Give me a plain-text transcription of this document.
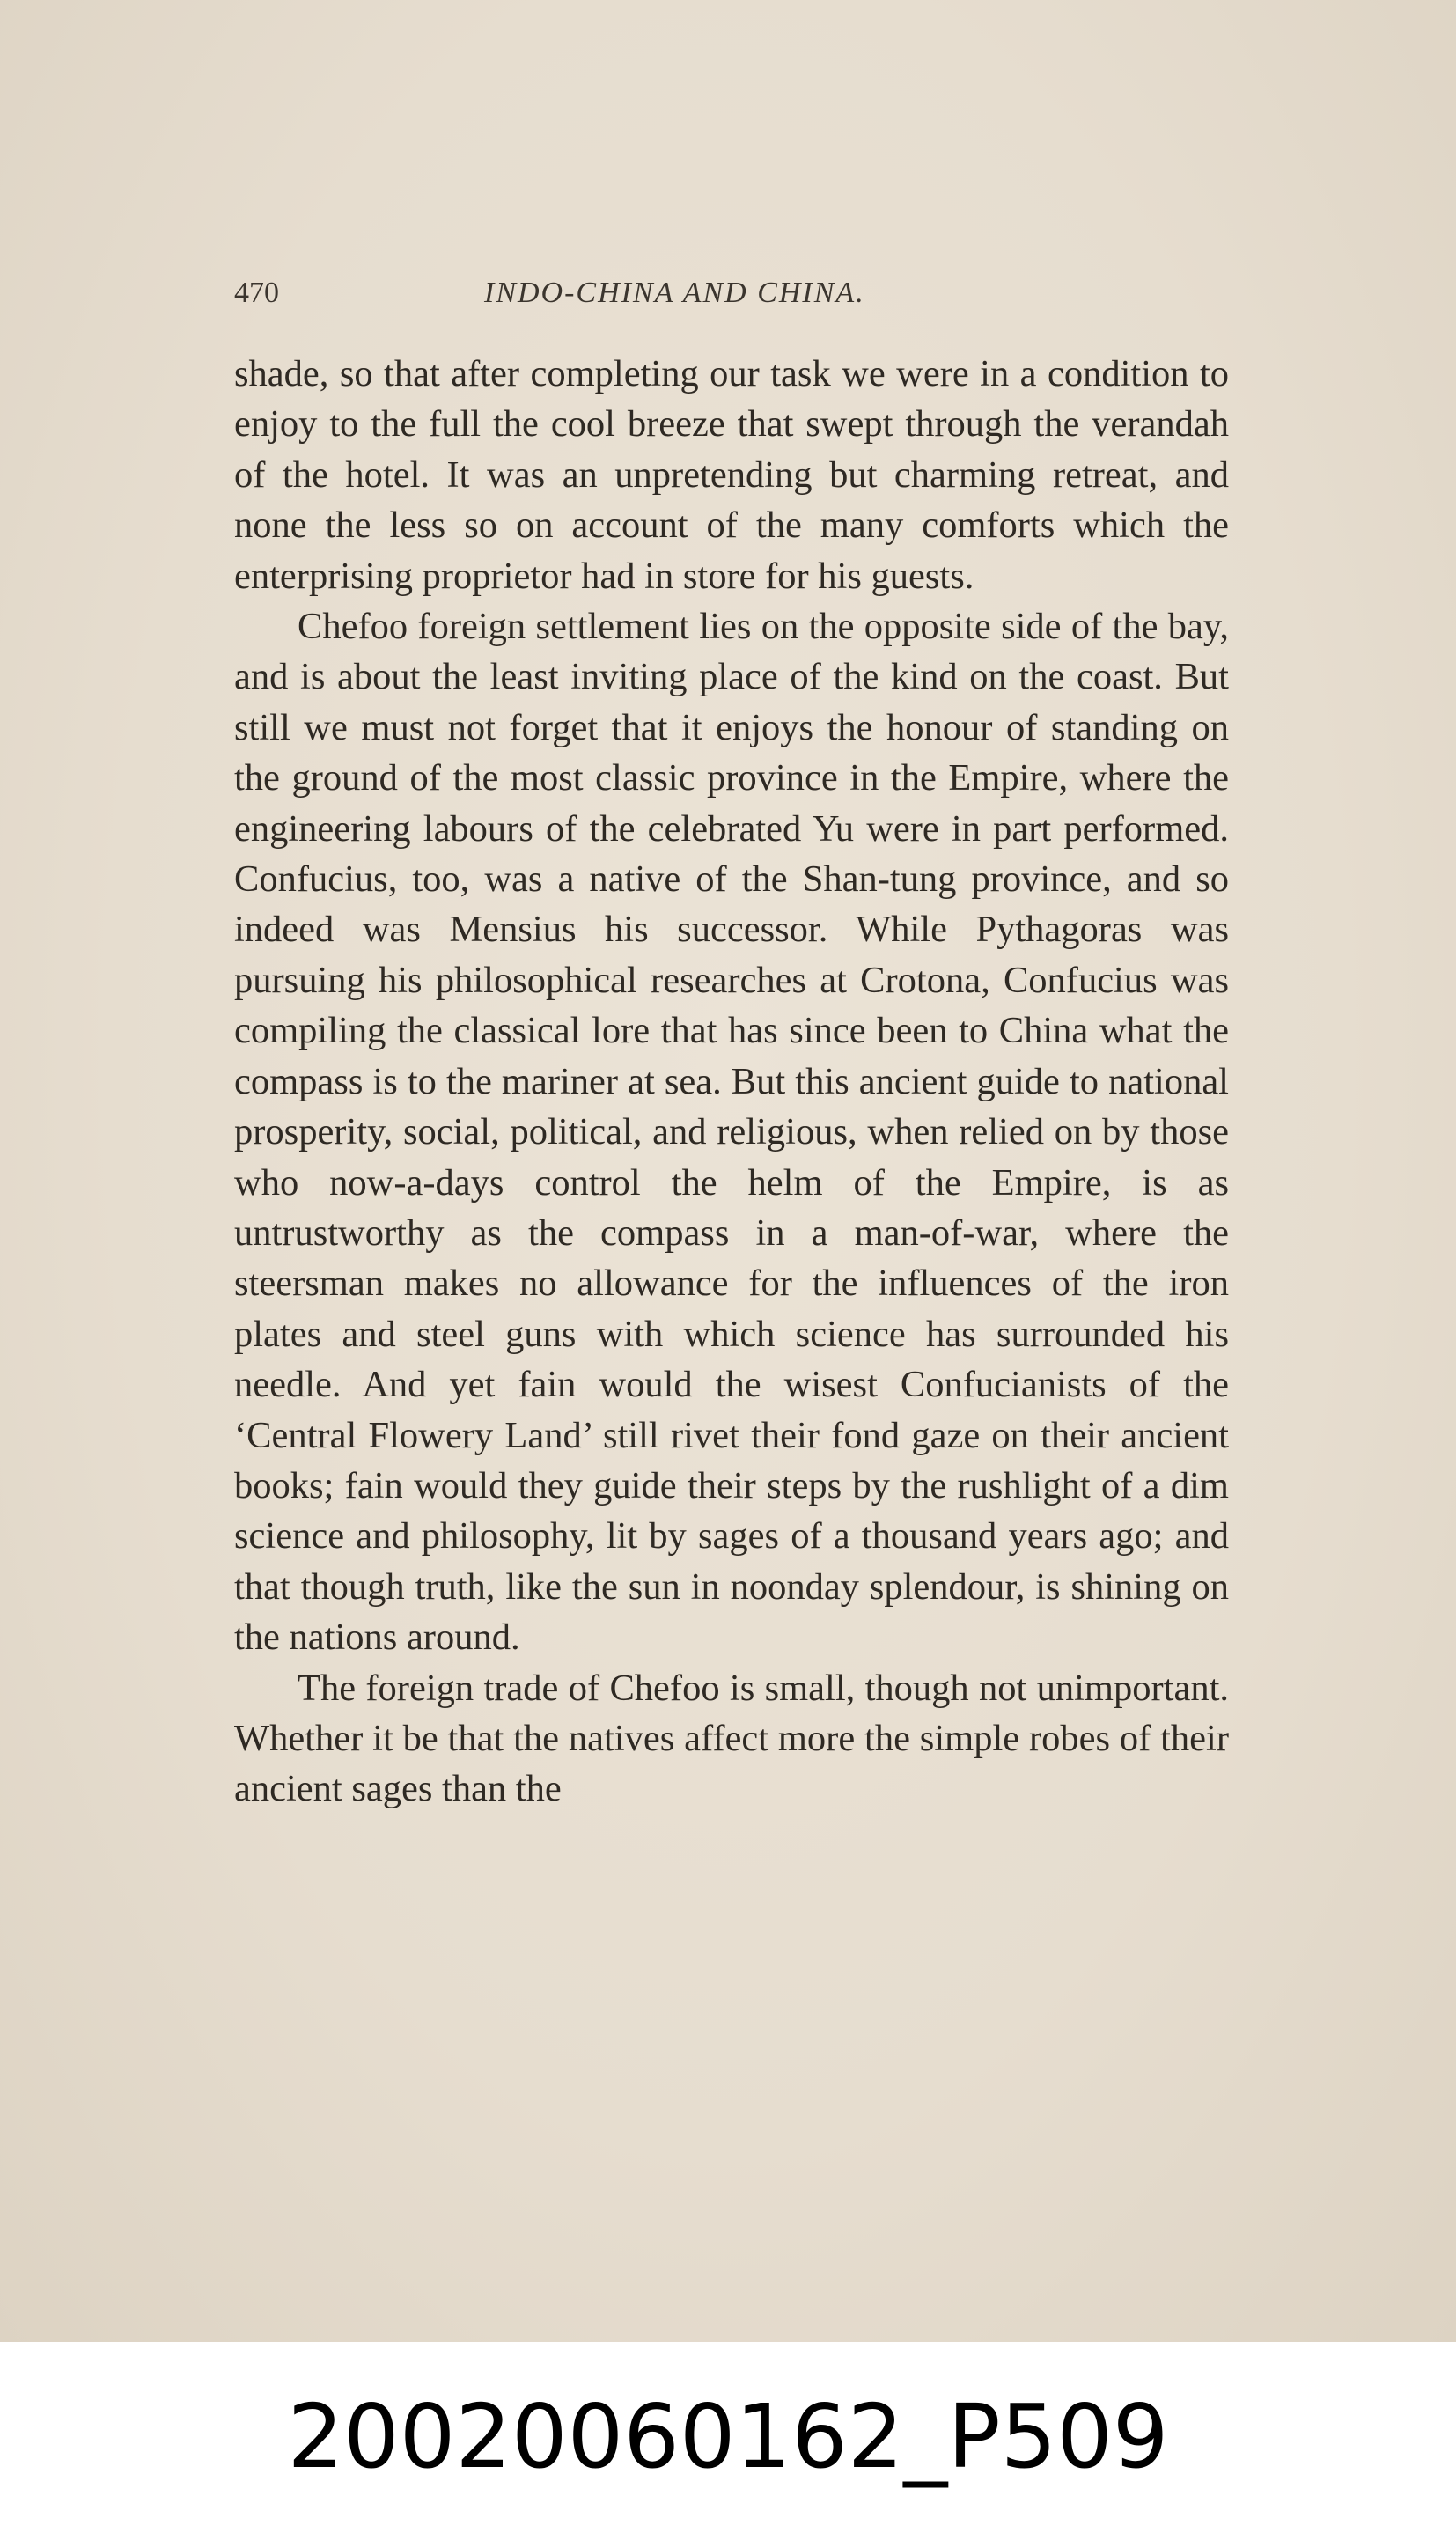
470	INDO-CHINA AND CHINA.

shade, so that after completing our task we were in a condition to enjoy to the full the cool breeze that swept through the verandah of the hotel. It was an unpretending but charming retreat, and none the less so on account of the many comforts which the enterprising proprietor had in store for his guests.

Chefoo foreign settlement lies on the opposite side of the bay, and is about the least inviting place of the kind on the coast. But still we must not forget that it enjoys the honour of standing on the ground of the most classic province in the Empire, where the engineering labours of the celebrated Yu were in part performed. Confucius, too, was a native of the Shan-tung province, and so indeed was Mensius his successor. While Pythagoras was pursuing his philosophical researches at Crotona, Confucius was compiling the classical lore that has since been to China what the compass is to the mariner at sea. But this ancient guide to national prosperity, social, political, and religious, when relied on by those who now-a-days control the helm of the Empire, is as untrustworthy as the compass in a man-of-war, where the steersman makes no allowance for the influences of the iron plates and steel guns with which science has surrounded his needle. And yet fain would the wisest Confucianists of the ‘Central Flowery Land’ still rivet their fond gaze on their ancient books; fain would they guide their steps by the rushlight of a dim science and philosophy, lit by sages of a thousand years ago; and that though truth, like the sun in noonday splendour, is shining on the nations around.

The foreign trade of Chefoo is small, though not unimportant. Whether it be that the natives affect more the simple robes of their ancient sages than the

20020060162_P509
